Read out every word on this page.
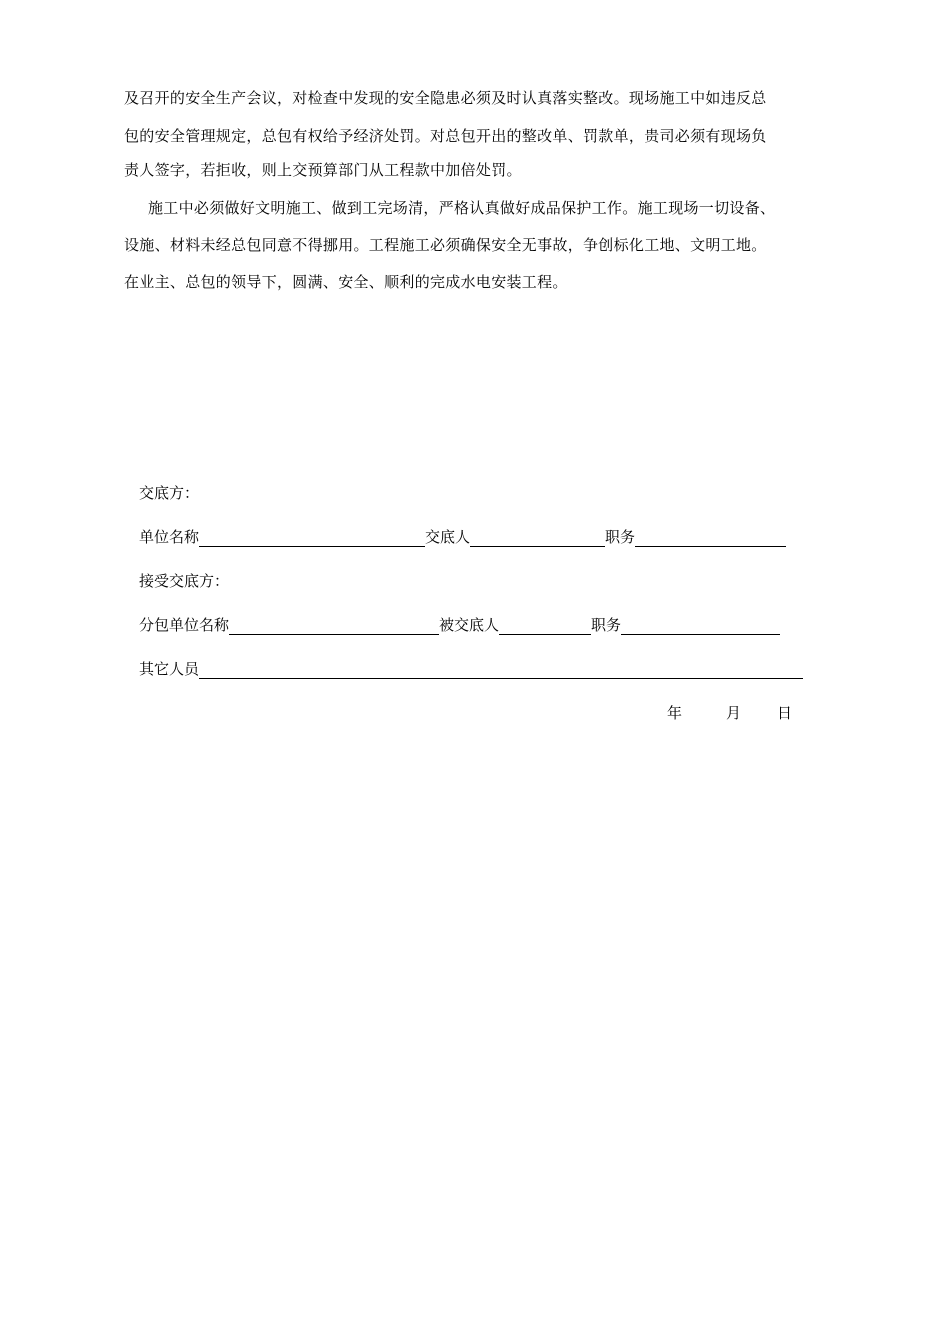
及召开的安全生产会议，对检查中发现的安全隐患必须及时认真落实整改。现场施工中如违反总
包的安全管理规定，总包有权给予经济处罚。对总包开出的整改单、罚款单，贵司必须有现场负
责人签字，若拒收，则上交预算部门从工程款中加倍处罚。
施工中必须做好文明施工、做到工完场清，严格认真做好成品保护工作。施工现场一切设备、
设施、材料未经总包同意不得挪用。工程施工必须确保安全无事故，争创标化工地、文明工地。
在业主、总包的领导下，圆满、安全、顺利的完成水电安装工程。
交底方：
单位名称	交底人	职务
接受交底方：
分包单位名称	被交底人	职务
其它人员
年	月 日
